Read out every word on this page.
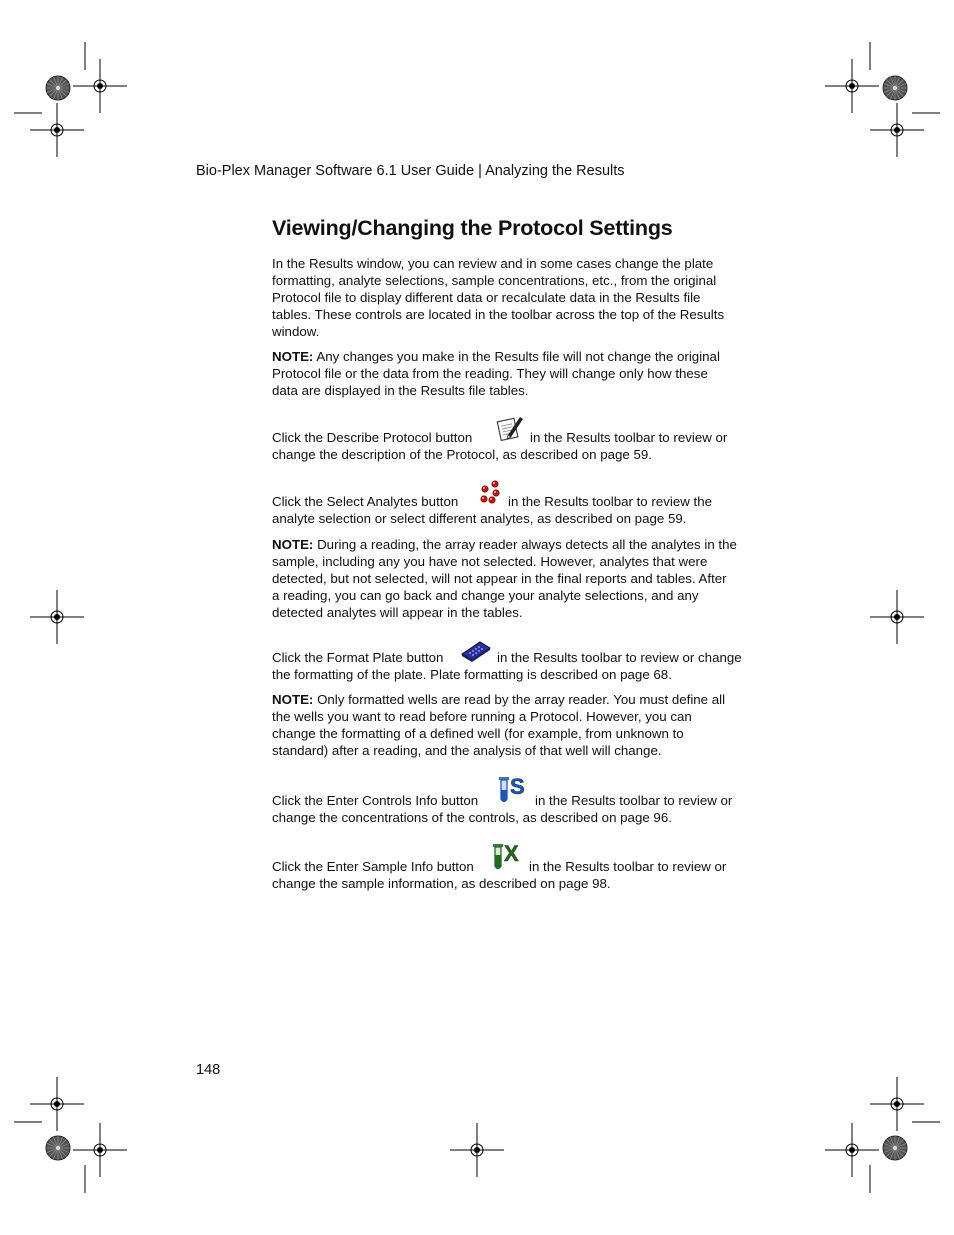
Bio-Plex Manager Software 6.1 User Guide | Analyzing the Results
Viewing/Changing the Protocol Settings

In the Results window, you can review and in some cases change the plate
formatting, analyte selections, sample concentrations, etc., from the original
Protocol file to display different data or recalculate data in the Results file
tables. These controls are located in the toolbar across the top of the Results
window.

NOTE: Any changes you make in the Results file will not change the original
Protocol file or the data from the reading. They will change only how these
data are displayed in the Results file tables.

Click the Describe Protocol button
change the description of the Protocol, as described on page 59.
in the Results toolbar to review or
Click the Select Analytes button
analyte selection or select different analytes, as described on page 59.
in the Results toolbar to review the

NOTE: During a reading, the array reader always detects all the analytes in the
sample, including any you have not selected. However, analytes that were
detected, but not selected, will not appear in the final reports and tables. After
a reading, you can go back and change your analyte selections, and any
detected analytes will appear in the tables.

Click the Format Plate button
the formatting of the plate. Plate formatting is described on page 68.
in the Results toolbar to review or change

NOTE: Only formatted wells are read by the array reader. You must define all
the wells you want to read before running a Protocol. However, you can
change the formatting of a defined well (for example, from unknown to
standard) after a reading, and the analysis of that well will change.

Click the Enter Controls Info button
change the concentrations of the controls, as described on page 96.
in the Results toolbar to review or
S
Click the Enter Sample Info button
change the sample information, as described on page 98.
in the Results toolbar to review or
X
148
